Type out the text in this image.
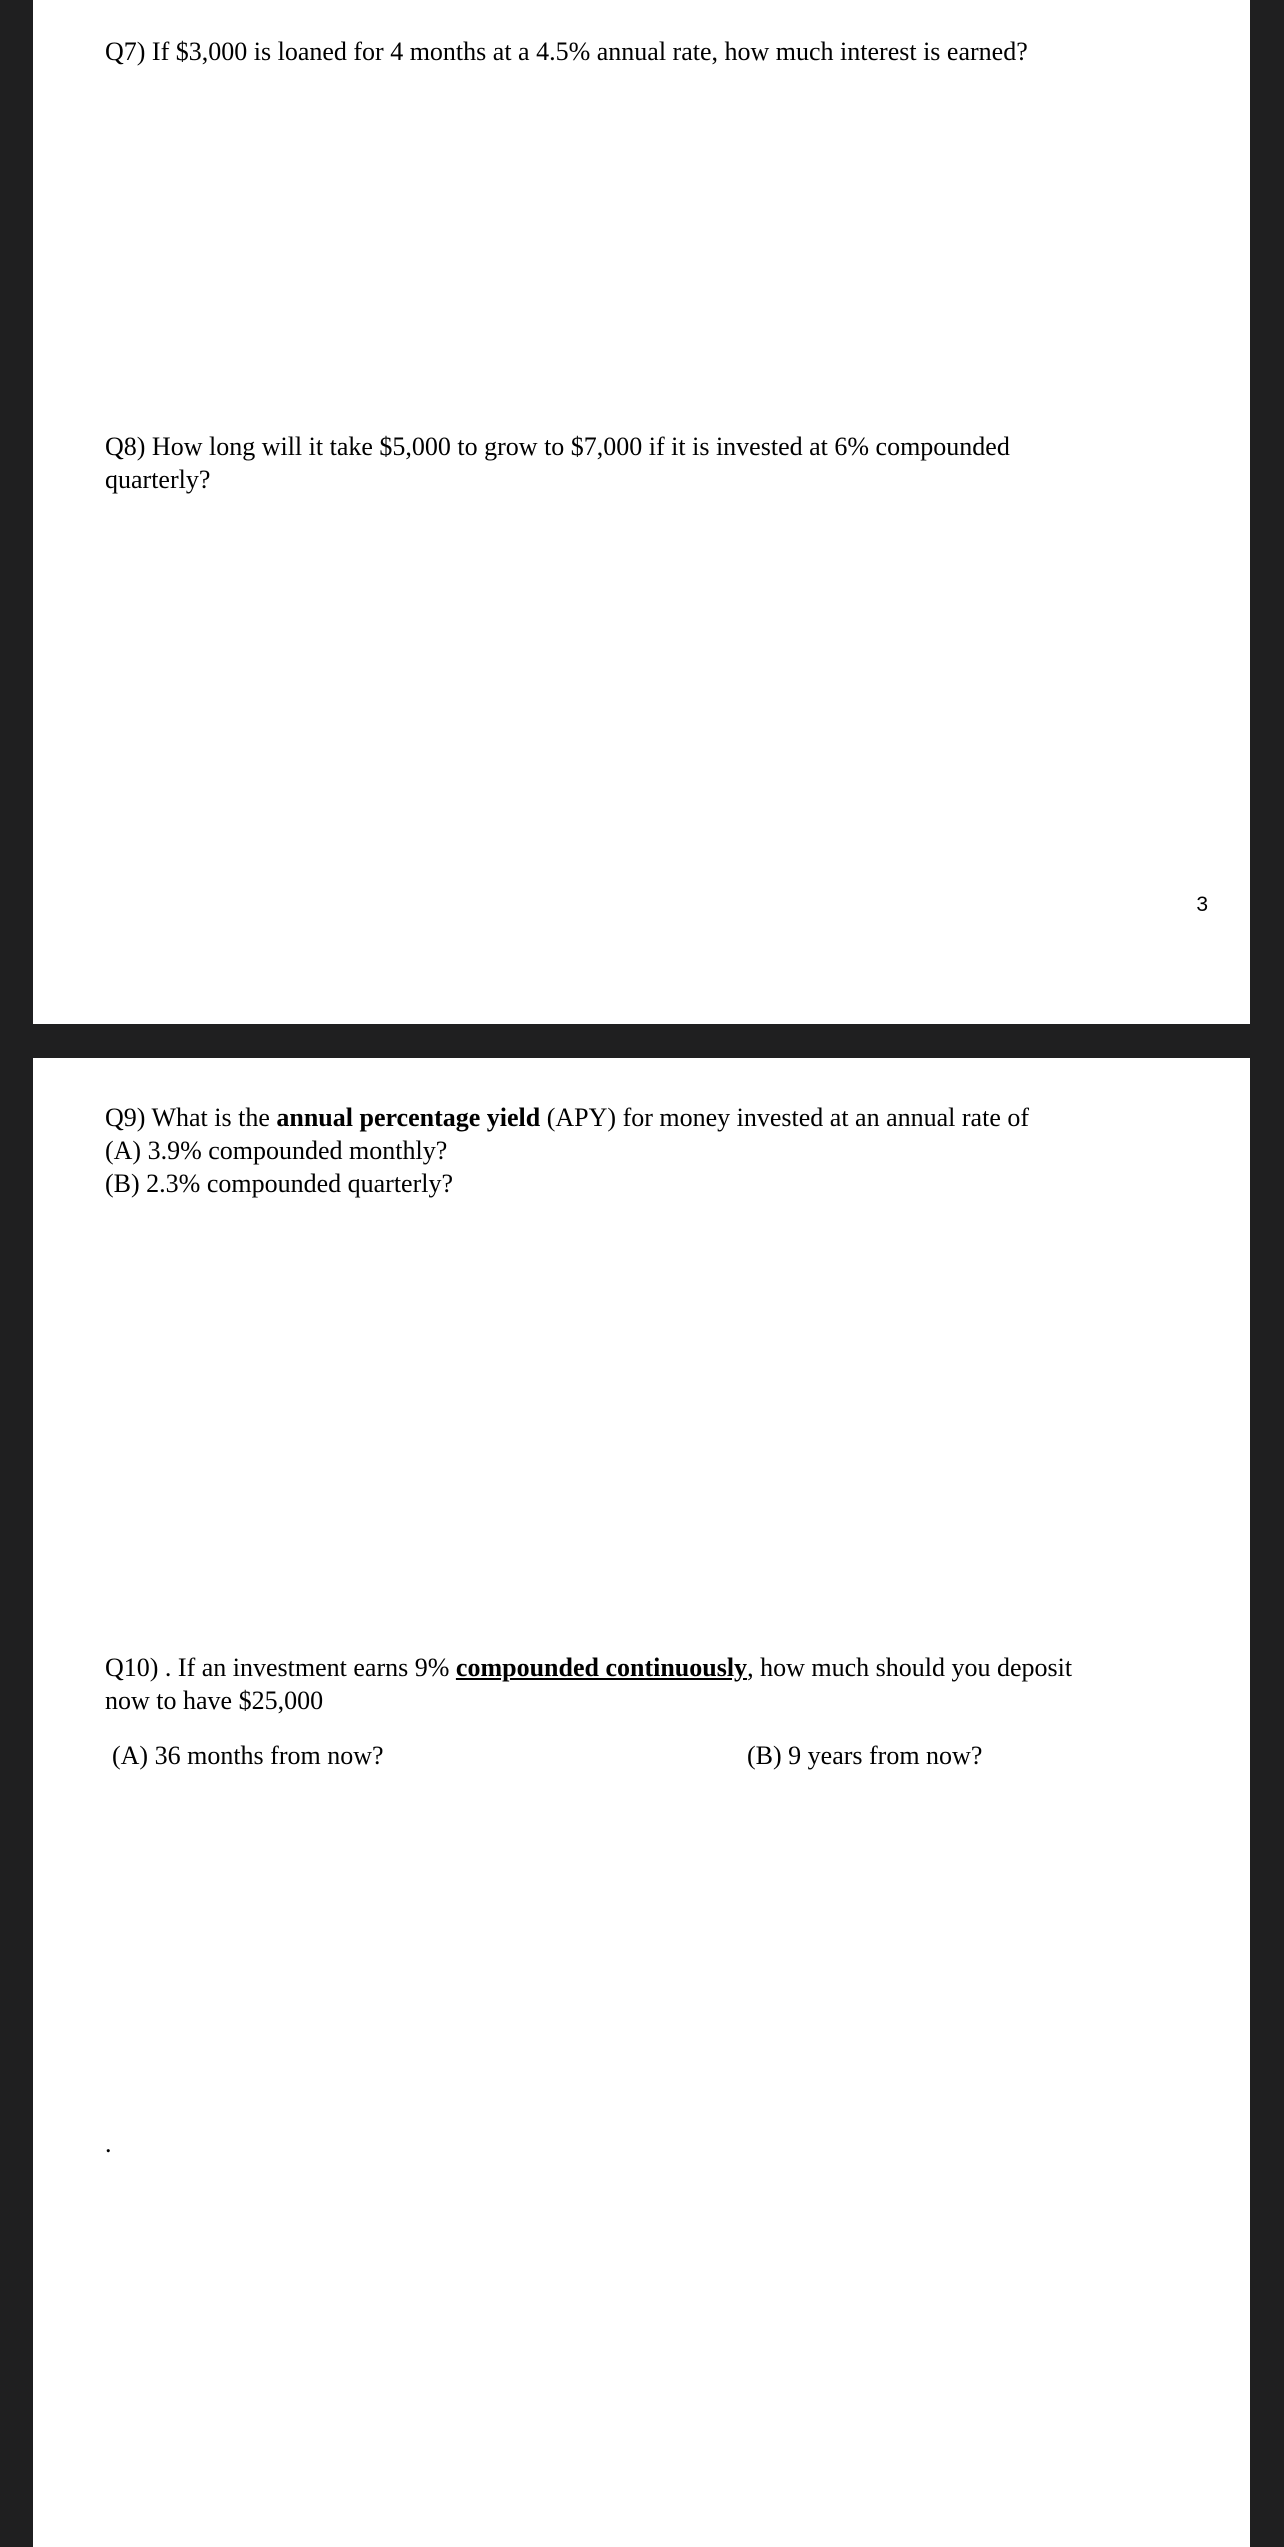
Q7) If $3,000 is loaned for 4 months at a 4.5% annual rate, how much interest is earned?

Q8) How long will it take $5,000 to grow to $7,000 if it is invested at 6% compounded
quarterly?
3
Q9) What is the annual percentage yield (APY) for money invested at an annual rate of
(A) 3.9% compounded monthly?
(B) 2.3% compounded quarterly?
Q10) . If an investment earns 9% compounded continuously, how much should you deposit
now to have $25,000
(A) 36 months from now?	(B) 9 years from now?
.
